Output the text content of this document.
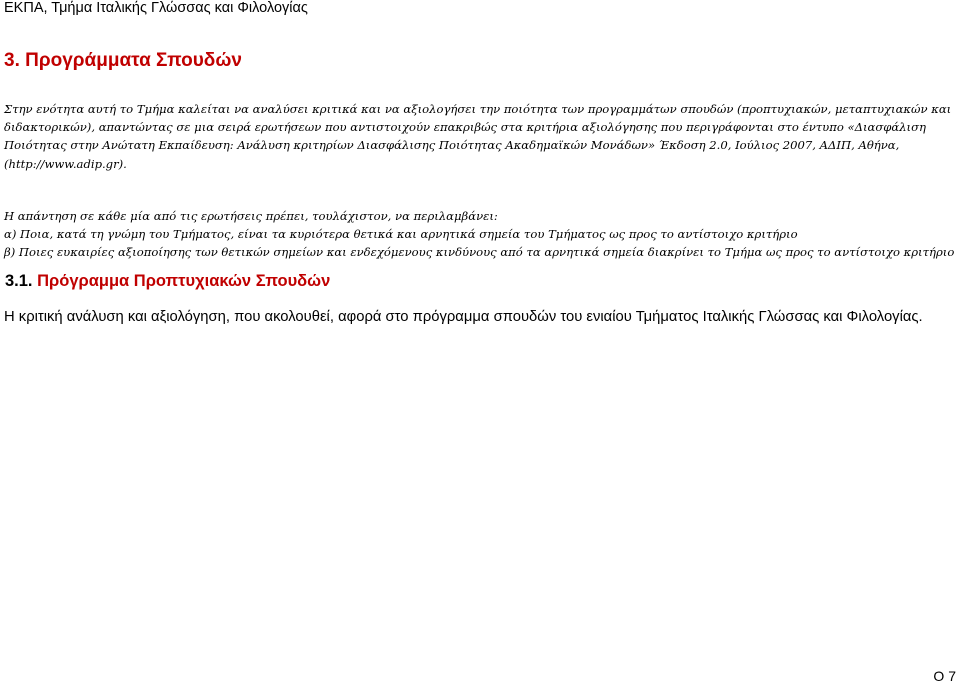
ΕΚΠΑ, Τμήμα Ιταλικής Γλώσσας και Φιλολογίας
3. Προγράμματα Σπουδών
Στην ενότητα αυτή το Τμήμα καλείται να αναλύσει κριτικά και να αξιολογήσει την ποιότητα των προγραμμάτων σπουδών (προπτυχιακών, μεταπτυχιακών και
διδακτορικών), απαντώντας σε μια σειρά ερωτήσεων που αντιστοιχούν επακριβώς στα κριτήρια αξιολόγησης που περιγράφονται στο έντυπο «Διασφάλιση
Ποιότητας στην Ανώτατη Εκπαίδευση: Ανάλυση κριτηρίων Διασφάλισης Ποιότητας Ακαδημαϊκών Μονάδων» Έκδοση 2.0, Ιούλιος 2007, ΑΔΙΠ, Αθήνα,
(http://www.adip.gr).
Η απάντηση σε κάθε μία από τις ερωτήσεις πρέπει, τουλάχιστον, να περιλαμβάνει:
α) Ποια, κατά τη γνώμη του Τμήματος, είναι τα κυριότερα θετικά και αρνητικά σημεία του Τμήματος ως προς το αντίστοιχο κριτήριο
β) Ποιες ευκαιρίες αξιοποίησης των θετικών σημείων και ενδεχόμενους κινδύνους από τα αρνητικά σημεία διακρίνει το Τμήμα ως προς το αντίστοιχο κριτήριο
3.1. Πρόγραμμα Προπτυχιακών Σπουδών
Η κριτική ανάλυση και αξιολόγηση, που ακολουθεί, αφορά στο πρόγραμμα σπουδών του ενιαίου Τμήματος Ιταλικής Γλώσσας και Φιλολογίας.
Ο 7
